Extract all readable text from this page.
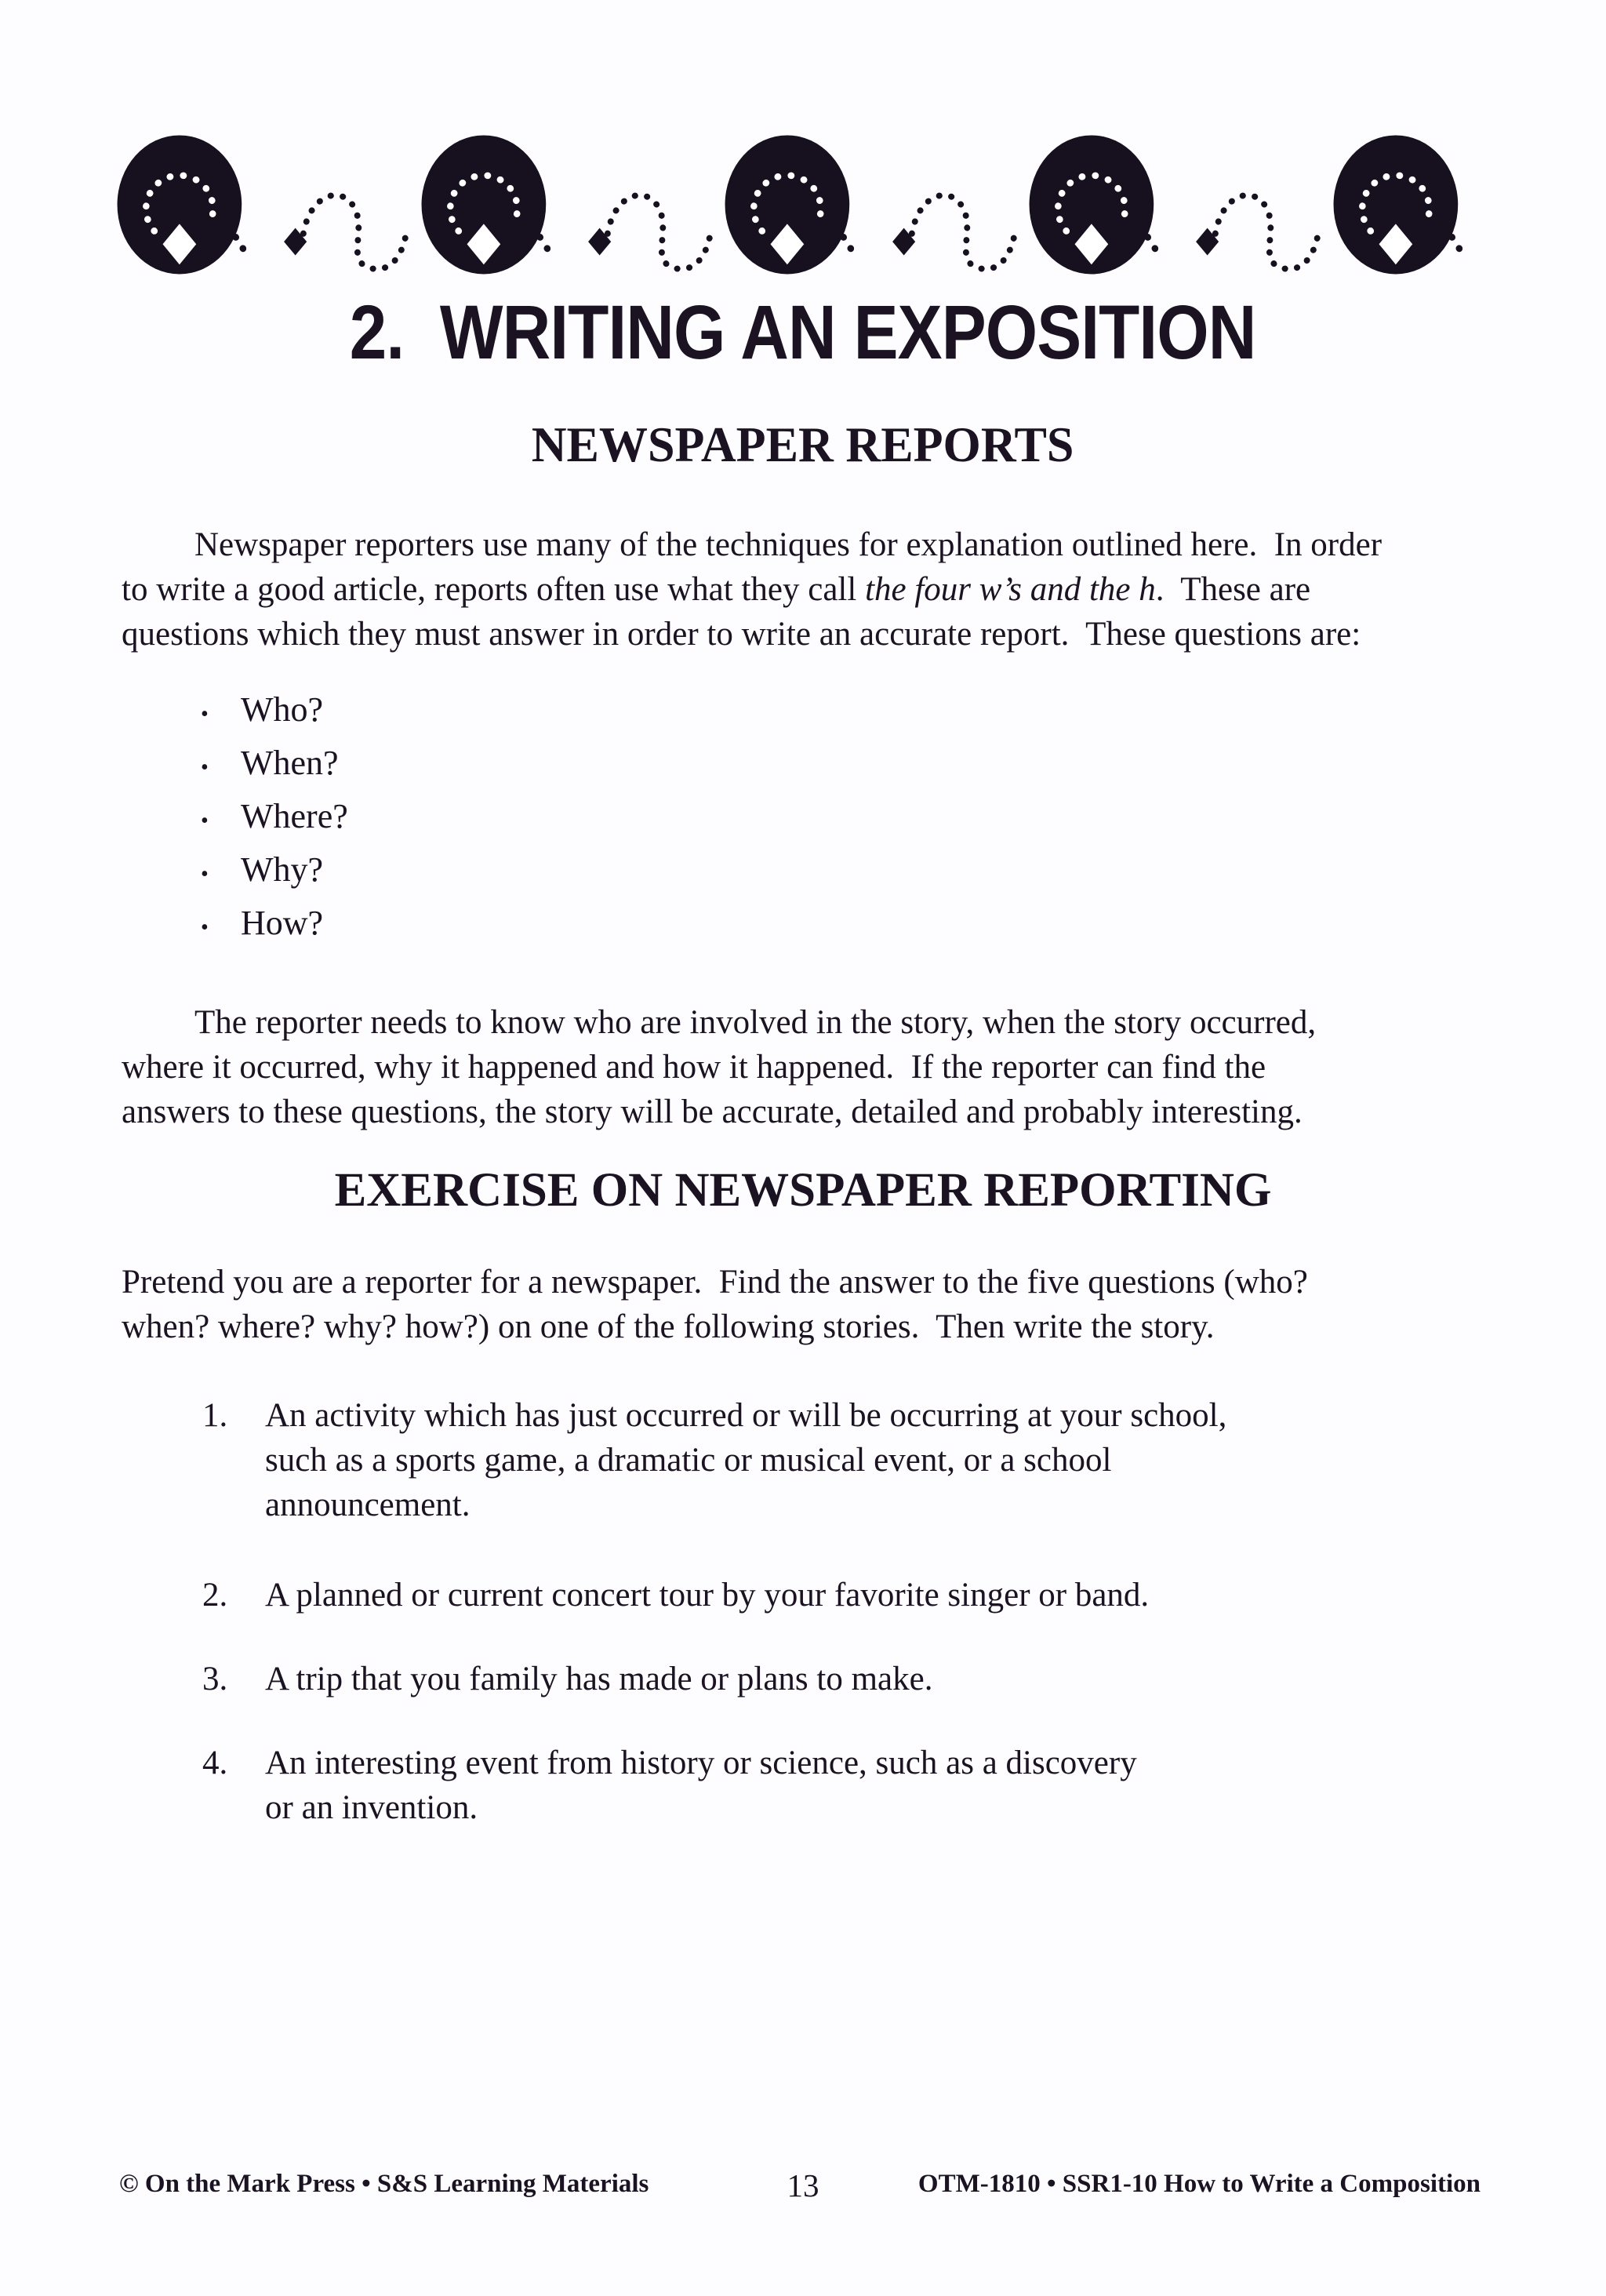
2.  WRITING AN EXPOSITION
NEWSPAPER REPORTS
Newspaper reporters use many of the techniques for explanation outlined here.  In order
to write a good article, reports often use what they call the four w’s and the h.  These are
questions which they must answer in order to write an accurate report.  These questions are:
• Who?
• When?
• Where?
• Why?
• How?
The reporter needs to know who are involved in the story, when the story occurred,
where it occurred, why it happened and how it happened.  If the reporter can find the
answers to these questions, the story will be accurate, detailed and probably interesting.
EXERCISE ON NEWSPAPER REPORTING
Pretend you are a reporter for a newspaper.  Find the answer to the five questions (who?
when? where? why? how?) on one of the following stories.  Then write the story.
1.	An activity which has just occurred or will be occurring at your school,
such as a sports game, a dramatic or musical event, or a school
announcement.
2.	A planned or current concert tour by your favorite singer or band.
3.	A trip that you family has made or plans to make.
4.	An interesting event from history or science, such as a discovery
or an invention.
© On the Mark Press • S&S Learning Materials	13	OTM-1810 • SSR1-10 How to Write a Composition
